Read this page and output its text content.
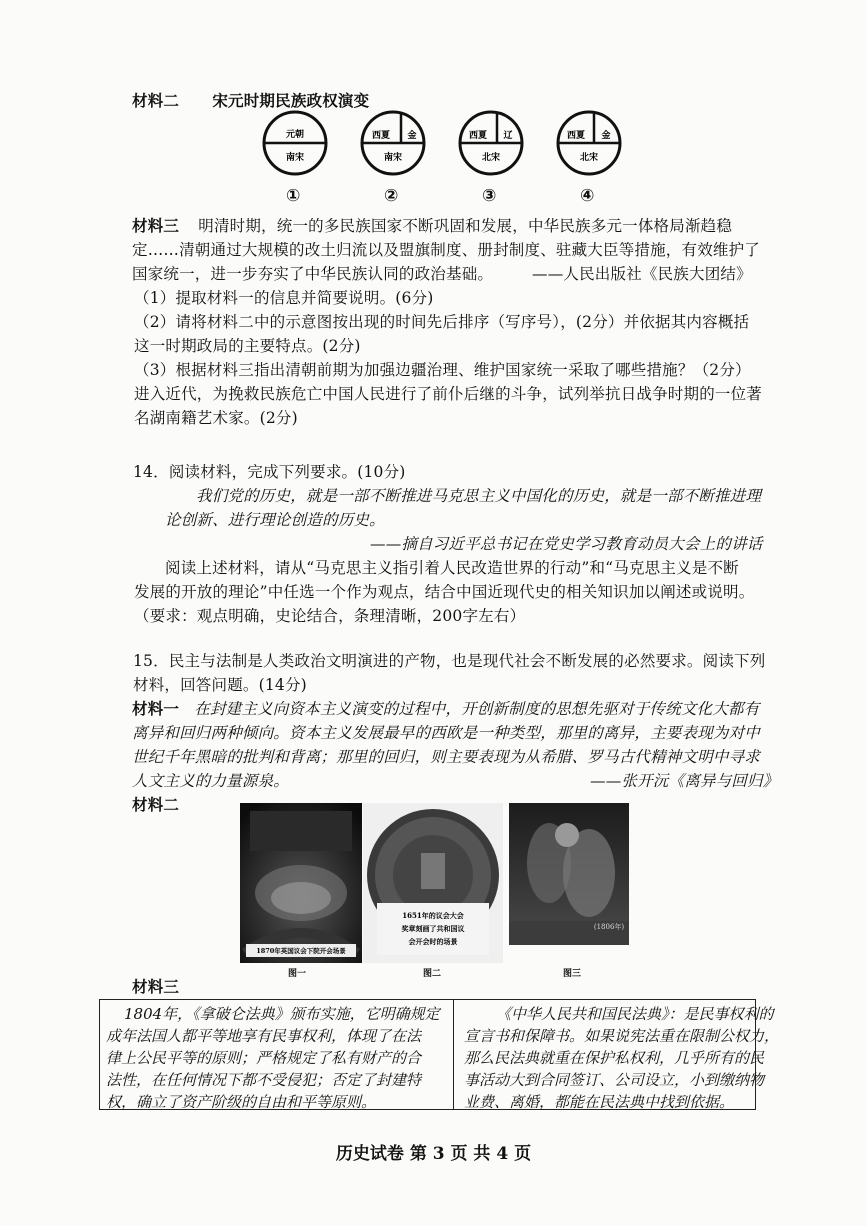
材料二 宋元时期民族政权演变
元朝
南宋
①
西夏 金
南宋
②
西夏 辽
北宋
③
西夏 金
北宋
④
材料三 明清时期，统一的多民族国家不断巩固和发展，中华民族多元一体格局渐趋稳
定……清朝通过大规模的改土归流以及盟旗制度、册封制度、驻藏大臣等措施，有效维护了
国家统一，进一步夯实了中华民族认同的政治基础。	——人民出版社《民族大团结》
（1）提取材料一的信息并简要说明。(6分)
（2）请将材料二中的示意图按出现的时间先后排序（写序号），(2分）并依据其内容概括
这一时期政局的主要特点。(2分)
（3）根据材料三指出清朝前期为加强边疆治理、维护国家统一采取了哪些措施？（2分）
进入近代，为挽救民族危亡中国人民进行了前仆后继的斗争，试列举抗日战争时期的一位著
名湖南籍艺术家。(2分)
14．阅读材料，完成下列要求。(10分)
我们党的历史，就是一部不断推进马克思主义中国化的历史，就是一部不断推进理
论创新、进行理论创造的历史。
——摘自习近平总书记在党史学习教育动员大会上的讲话
阅读上述材料，请从“马克思主义指引着人民改造世界的行动”和“马克思主义是不断
发展的开放的理论”中任选一个作为观点，结合中国近现代史的相关知识加以阐述或说明。
（要求：观点明确，史论结合，条理清晰，200字左右）
15．民主与法制是人类政治文明演进的产物，也是现代社会不断发展的必然要求。阅读下列
材料，回答问题。(14分)
材料一 在封建主义向资本主义演变的过程中，开创新制度的思想先驱对于传统文化大都有
离异和回归两种倾向。资本主义发展最早的西欧是一种类型，那里的离异，主要表现为对中
世纪千年黑暗的批判和背离；那里的回归，则主要表现为从希腊、罗马古代精神文明中寻求
人文主义的力量源泉。	——张开沅《离异与回归》
材料二
1870年英国议会下院开会场景
1651年的议会大会
奖章刻画了共和国议
会开会时的场景
(1806年)
图一	图二	图三
材料三
1804年，《拿破仑法典》颁布实施，它明确规定
成年法国人都平等地享有民事权利，体现了在法
律上公民平等的原则；严格规定了私有财产的合
法性，在任何情况下都不受侵犯；否定了封建特
权，确立了资产阶级的自由和平等原则。
《中华人民共和国民法典》：是民事权利的
宣言书和保障书。如果说宪法重在限制公权力，
那么民法典就重在保护私权利，几乎所有的民
事活动大到合同签订、公司设立，小到缴纳物
业费、离婚，都能在民法典中找到依据。
历史试卷 第 3 页 共 4 页
